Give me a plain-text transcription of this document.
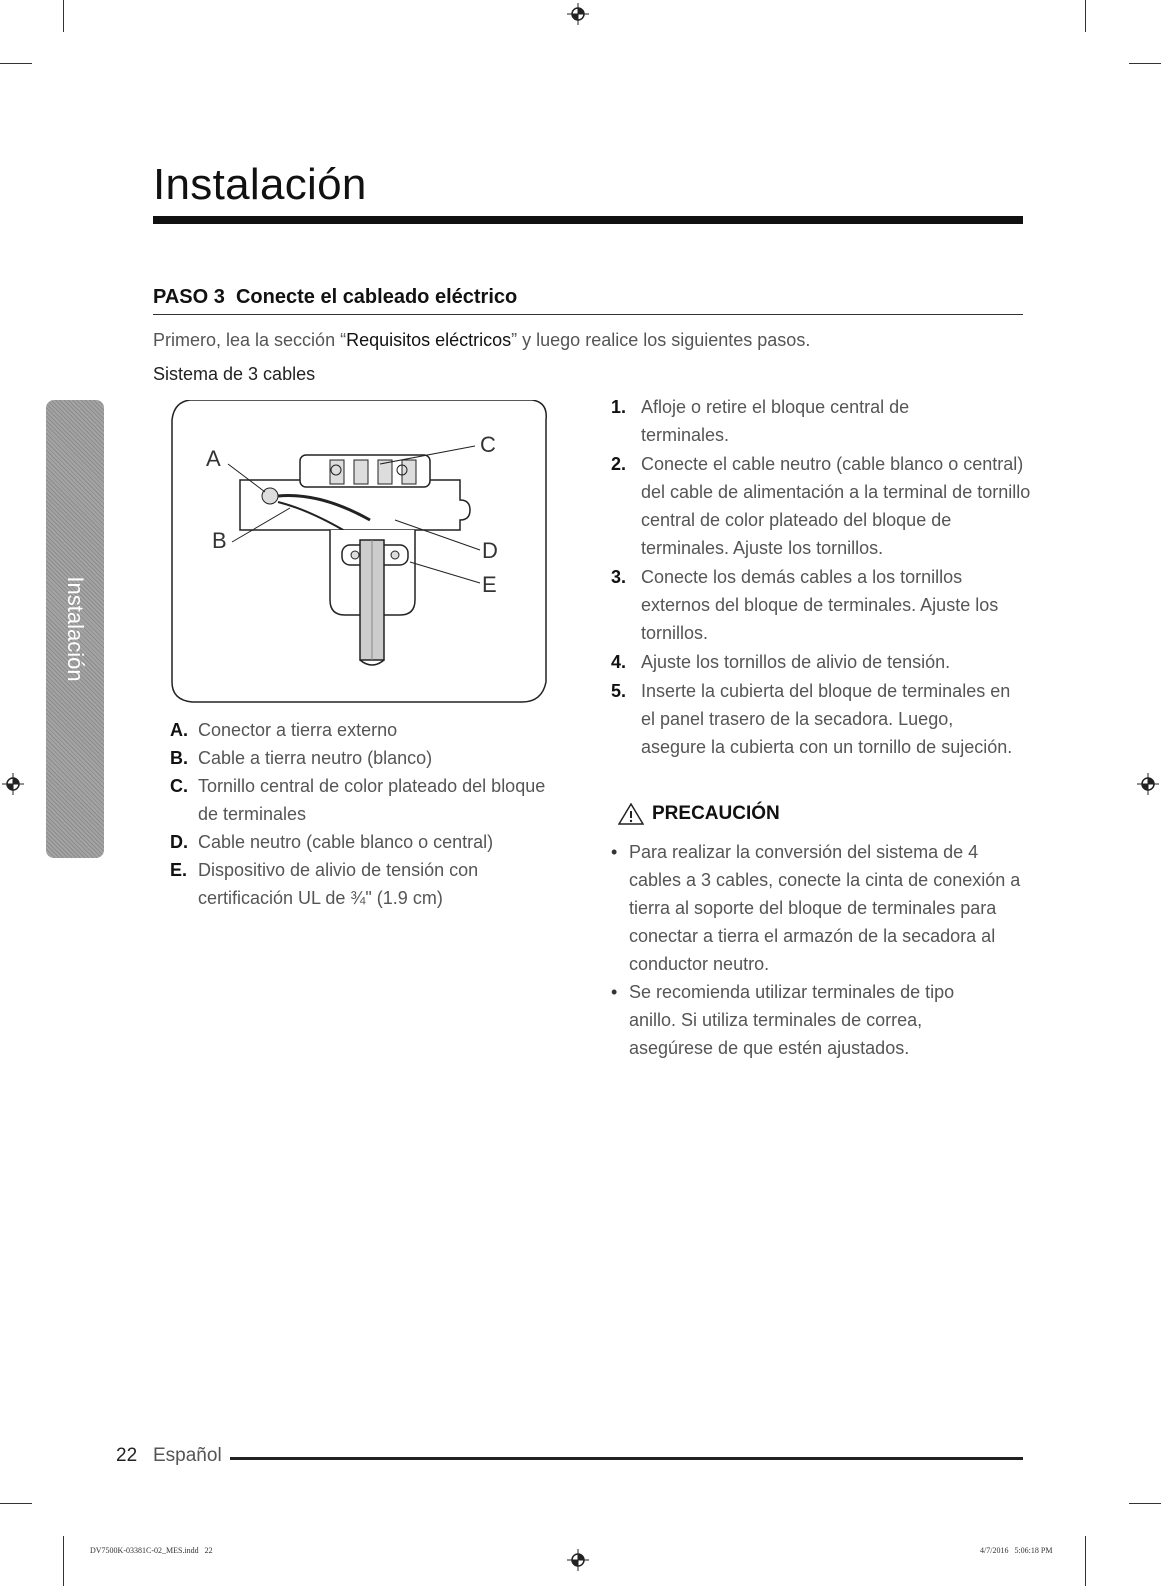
Instalación
Instalación
PASO 3  Conecte el cableado eléctrico
Primero, lea la sección “Requisitos eléctricos” y luego realice los siguientes pasos.
Sistema de 3 cables
A
B
C
D
E
A. Conector a tierra externo
B. Cable a tierra neutro (blanco)
C. Tornillo central de color plateado del bloque de terminales
D. Cable neutro (cable blanco o central)
E. Dispositivo de alivio de tensión con certificación UL de ¾" (1.9 cm)
1. Afloje o retire el bloque central de terminales.
2. Conecte el cable neutro (cable blanco o central) del cable de alimentación a la terminal de tornillo central de color plateado del bloque de terminales. Ajuste los tornillos.
3. Conecte los demás cables a los tornillos externos del bloque de terminales. Ajuste los tornillos.
4. Ajuste los tornillos de alivio de tensión.
5. Inserte la cubierta del bloque de terminales en el panel trasero de la secadora. Luego, asegure la cubierta con un tornillo de sujeción.
PRECAUCIÓN
• Para realizar la conversión del sistema de 4 cables a 3 cables, conecte la cinta de conexión a tierra al soporte del bloque de terminales para conectar a tierra el armazón de la secadora al conductor neutro.
• Se recomienda utilizar terminales de tipo anillo. Si utiliza terminales de correa, asegúrese de que estén ajustados.
22 Español
DV7500K-03381C-02_MES.indd   22	4/7/2016   5:06:18 PM
